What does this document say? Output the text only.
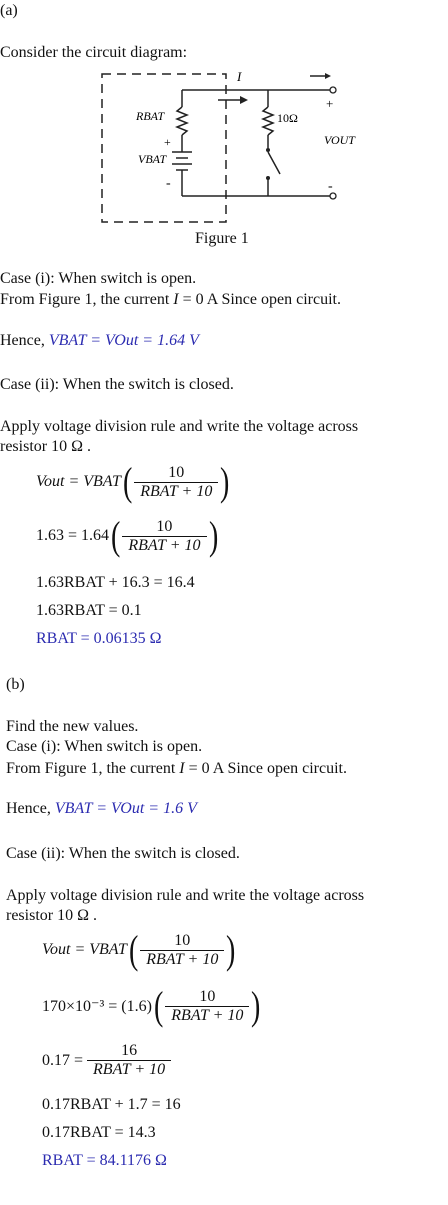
(a)
Consider the circuit diagram:
I
RBAT
+
VBAT
-
10Ω
+
VOUT
-
Figure 1
Case (i): When switch is open.
From Figure 1, the current I = 0 A Since open circuit.
Hence, VBAT = VOut = 1.64 V
Case (ii): When the switch is closed.
Apply voltage division rule and write the voltage across
resistor 10 Ω .
Vout = VBAT( $\frac{10}{\text{RBAT + 10}}$ )
$1.63 = 1.64( \frac{10}{\text{RBAT + 10}}$ )
1.63RBAT + 16.3 = 16.4
1.63RBAT = 0.1
RBAT = 0.06135 Ω
(b)
Find the new values.
Case (i): When switch is open.
From Figure 1, the current I = 0 A Since open circuit.
Hence, VBAT = VOut = 1.6 V
Case (ii): When the switch is closed.
Apply voltage division rule and write the voltage across
resistor 10 Ω .
Vout = VBAT( $\frac{10}{\text{RBAT + 10}}$ )
$170\times 10^{-3} = (1.6)( \frac{10}{\text{RBAT + 10}}$ )
$0.17 = \frac{16}{\text{RBAT + 10}}$
0.17RBAT + 1.7 = 16
0.17RBAT = 14.3
RBAT = 84.1176 Ω
